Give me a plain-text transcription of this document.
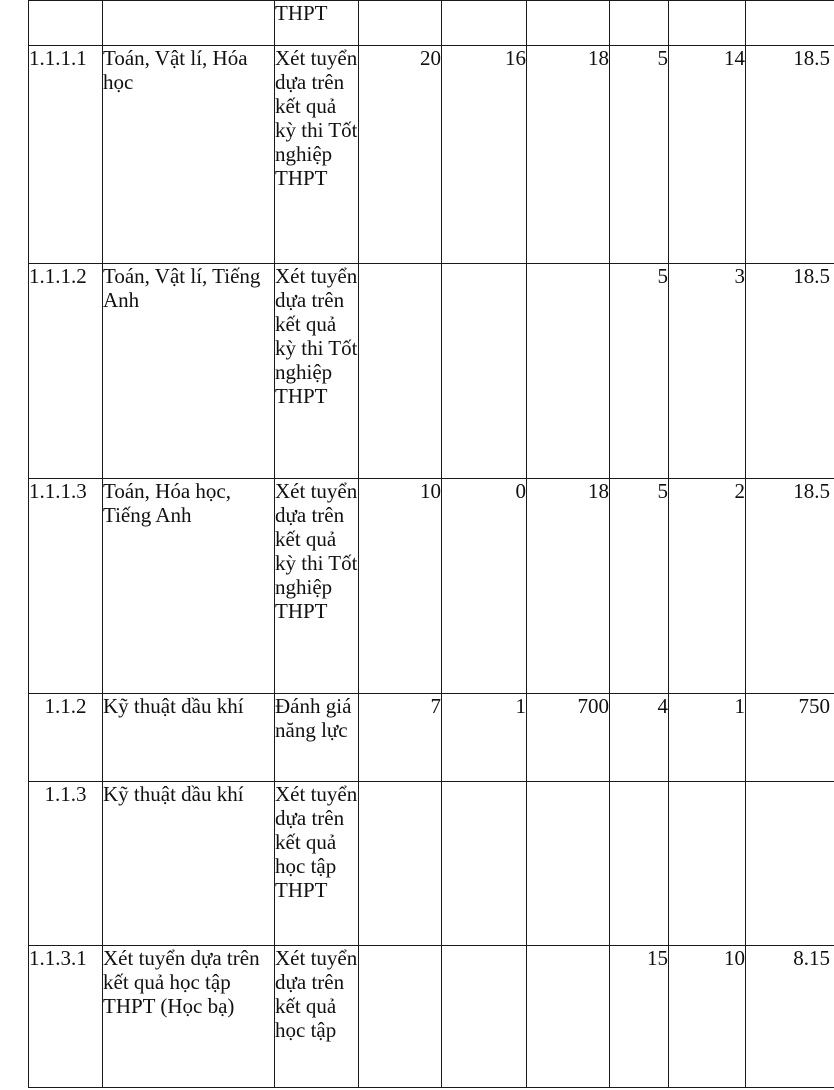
		THPT						
1.1.1.1	Toán, Vật lí, Hóa học	Xét tuyển dựa trên kết quả kỳ thi Tốt nghiệp THPT	20	16	18	5	14	18.5
1.1.1.2	Toán, Vật lí, Tiếng Anh	Xét tuyển dựa trên kết quả kỳ thi Tốt nghiệp THPT				5	3	18.5
1.1.1.3	Toán, Hóa học, Tiếng Anh	Xét tuyển dựa trên kết quả kỳ thi Tốt nghiệp THPT	10	0	18	5	2	18.5
1.1.2	Kỹ thuật dầu khí	Đánh giá năng lực	7	1	700	4	1	750
1.1.3	Kỹ thuật dầu khí	Xét tuyển dựa trên kết quả học tập THPT						
1.1.3.1	Xét tuyển dựa trên kết quả học tập THPT (Học bạ)	Xét tuyển dựa trên kết quả học tập				15	10	8.15
